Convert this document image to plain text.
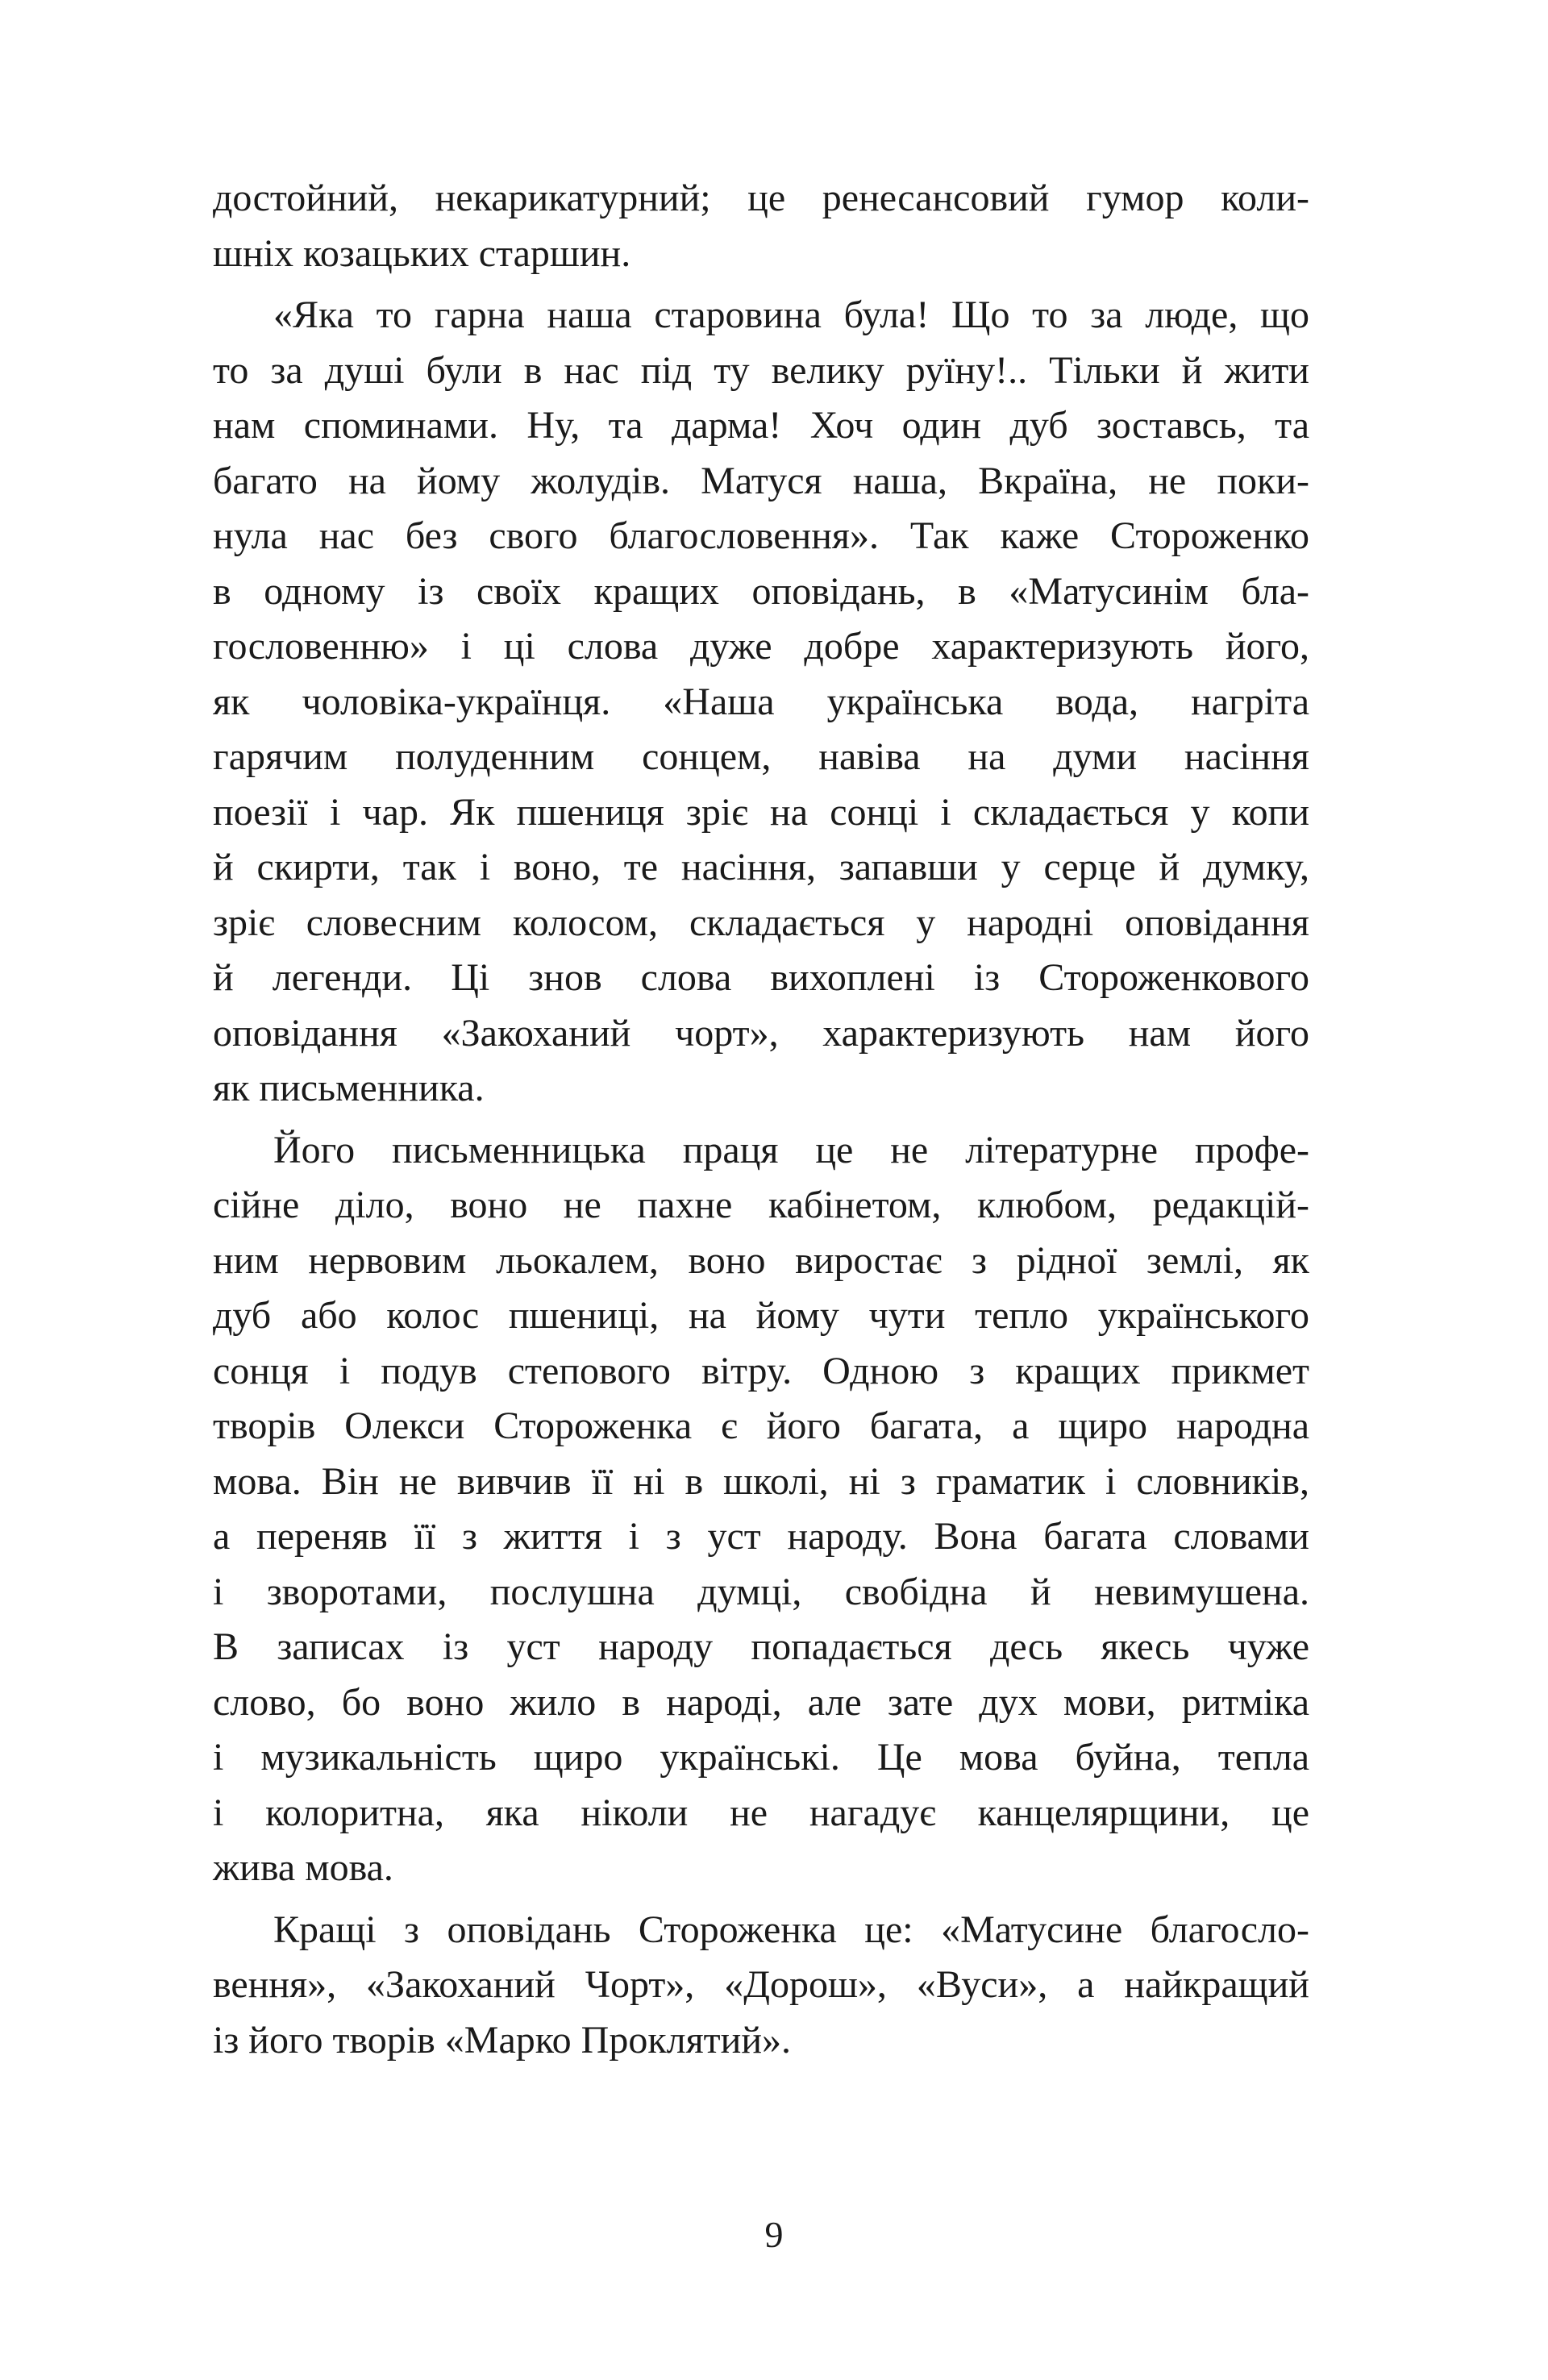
достойний, некарикатурний; це ренесансовий гумор коли-
шніх козацьких старшин.
«Яка то гарна наша старовина була! Що то за люде, що
то за душі були в нас під ту велику руїну!.. Тільки й жити
нам споминами. Ну, та дарма! Хоч один дуб зоставсь, та
багато на йому жолудів. Матуся наша, Вкраїна, не поки-
нула нас без свого благословення». Так каже Стороженко
в одному із своїх кращих оповідань, в «Матусинім бла-
гословенню» і ці слова дуже добре характеризують його,
як чоловіка-українця. «Наша українська вода, нагріта
гарячим полуденним сонцем, навіва на думи насіння
поезії і чар. Як пшениця зріє на сонці і складається у копи
й скирти, так і воно, те насіння, запавши у серце й думку,
зріє словесним колосом, складається у народні оповідання
й легенди. Ці знов слова вихоплені із Стороженкового
оповідання «Закоханий чорт», характеризують нам його
як письменника.
Його письменницька праця це не літературне профе-
сійне діло, воно не пахне кабінетом, клюбом, редакцій-
ним нервовим льокалем, воно виростає з рідної землі, як
дуб або колос пшениці, на йому чути тепло українського
сонця і подув степового вітру. Одною з кращих прикмет
творів Олекси Стороженка є його багата, а щиро народна
мова. Він не вивчив її ні в школі, ні з граматик і словників,
а переняв її з життя і з уст народу. Вона багата словами
і зворотами, послушна думці, свобідна й невимушена.
В записах із уст народу попадається десь якесь чуже
слово, бо воно жило в народі, але зате дух мови, ритміка
і музикальність щиро українські. Це мова буйна, тепла
і колоритна, яка ніколи не нагадує канцелярщини, це
жива мова.
Кращі з оповідань Стороженка це: «Матусине благосло-
вення», «Закоханий Чорт», «Дорош», «Вуси», а найкращий
із його творів «Марко Проклятий».
9
